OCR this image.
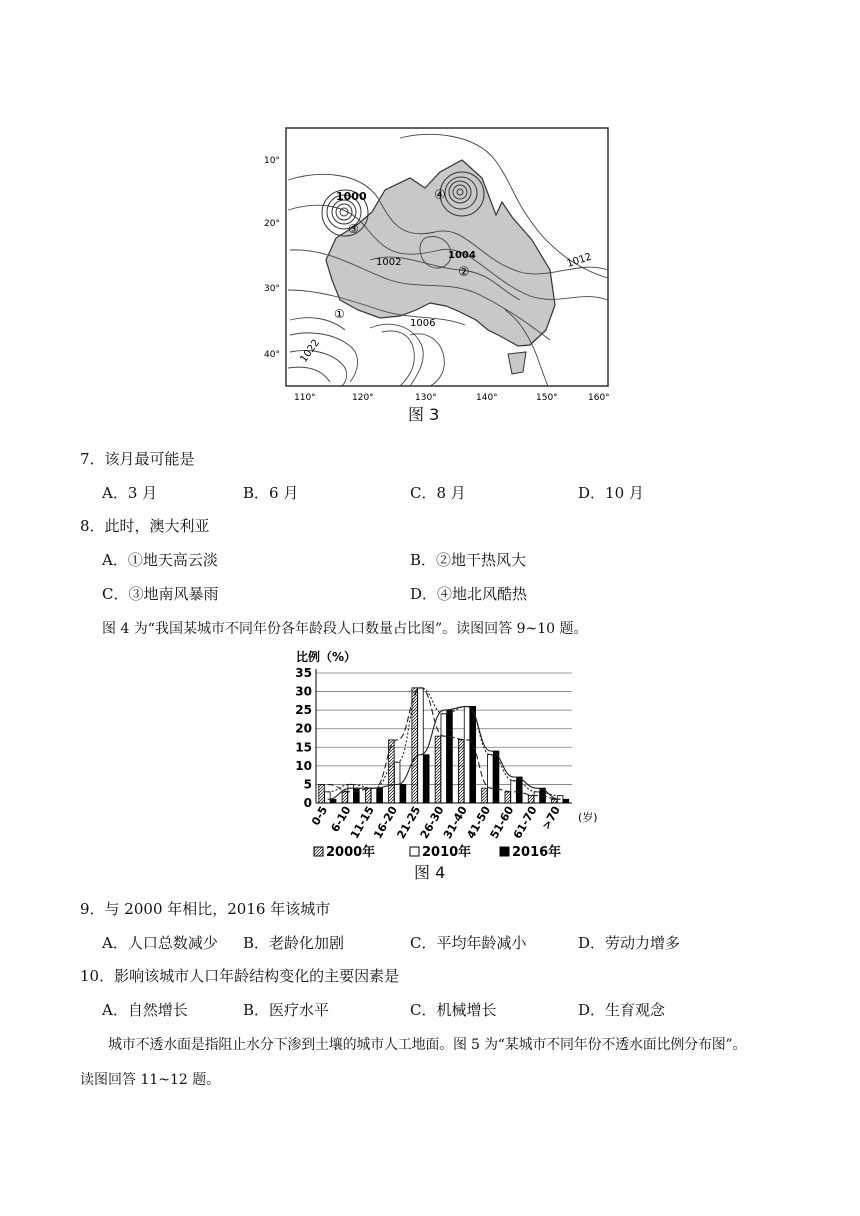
10°
20°
30°
40°
110°	120°	130°	140°	150°	160°
1000
1002
1004
1006
1012
1022
①
②
③
④
图 3
7．该月最可能是
A．3 月	B．6 月	C．8 月	D．10 月
8．此时，澳大利亚
A．①地天高云淡	B．②地干热风大
C．③地南风暴雨	D．④地北风酷热
图 4 为“我国某城市不同年份各年龄段人口数量占比图”。读图回答 9~10 题。
比例（%）
0
5
10
15
20
25
30
35
0-5
6-10
11-15
16-20
21-25
26-30
31-40
41-50
51-60
61-70 >70 (岁)
2000年	2010年	2016年
图 4
9．与 2000 年相比，2016 年该城市
A．人口总数减少 B．老龄化加剧	C．平均年龄减小	D．劳动力增多
10．影响该城市人口年龄结构变化的主要因素是
A．自然增长	B．医疗水平	C．机械增长	D．生育观念
城市不透水面是指阻止水分下渗到土壤的城市人工地面。图 5 为“某城市不同年份不透水面比例分布图”。
读图回答 11~12 题。
